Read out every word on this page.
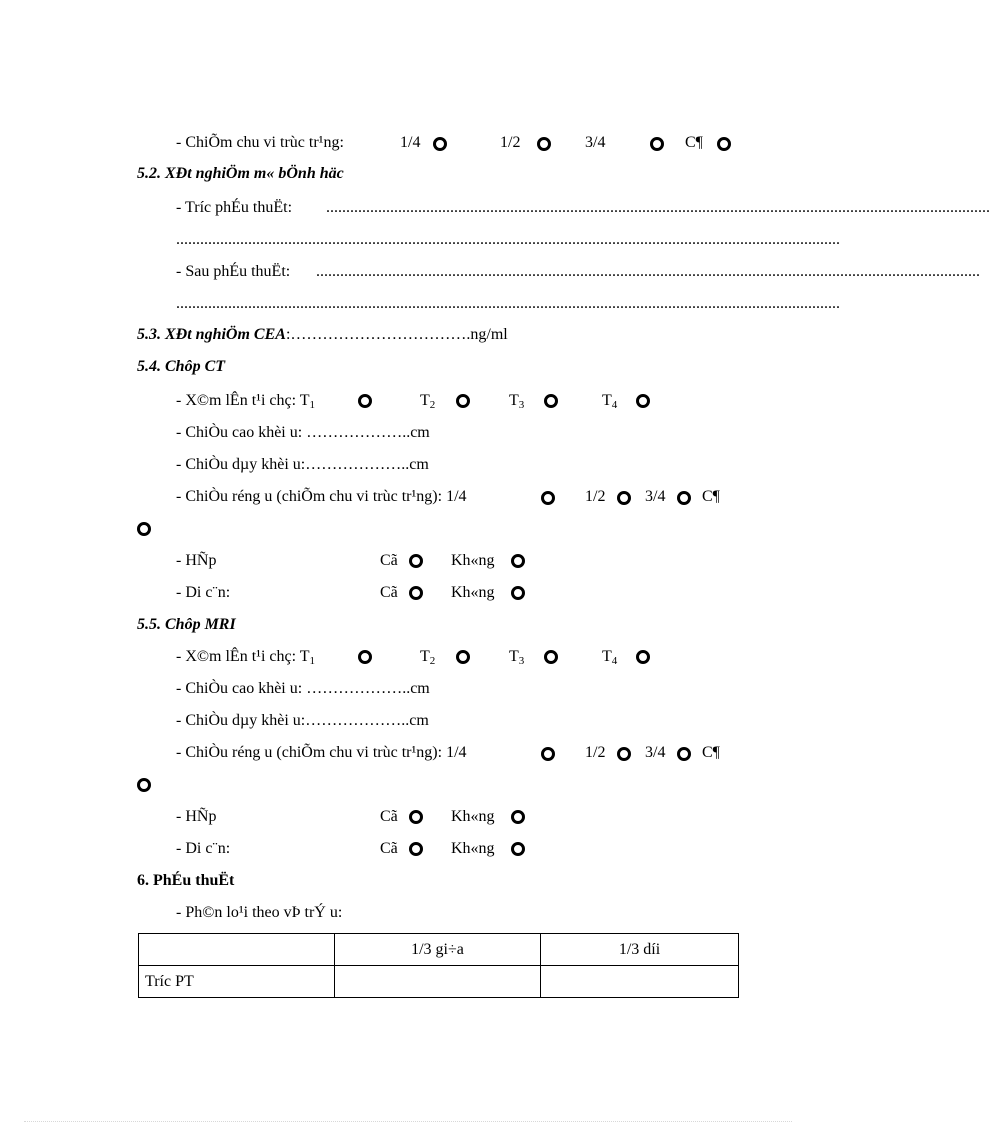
- ChiÕm chu vi trùc tr¹ng:	1/4	1/2	3/4	C¶
5.2. XÐt nghiÖm m« bÖnh häc
- Tríc phÉu thuËt: ......................................................................................................................................................................
......................................................................................................................................................................
- Sau phÉu thuËt: ......................................................................................................................................................................
......................................................................................................................................................................
5.3. XÐt nghiÖm CEA:…………………………….ng/ml
5.4. Chôp CT
- X©m lÊn t¹i chç: $T_1$	$T_2$	$T_3$	$T_4$
- ChiÒu cao khèi u: ………………..cm
- ChiÒu dµy khèi u:………………..cm
- ChiÒu réng u (chiÕm chu vi trùc tr¹ng): 1/4	1/2 3/4 C¶
- HÑp	Cã	Kh«ng
- Di c¨n:	Cã	Kh«ng
5.5. Chôp MRI
- X©m lÊn t¹i chç: $T_1$	$T_2$	$T_3$	$T_4$
- ChiÒu cao khèi u: ………………..cm
- ChiÒu dµy khèi u:………………..cm
- ChiÒu réng u (chiÕm chu vi trùc tr¹ng): 1/4	1/2 3/4 C¶
- HÑp	Cã	Kh«ng
- Di c¨n:	Cã	Kh«ng
6. PhÉu thuËt
- Ph©n lo¹i theo vÞ trÝ u:
	1/3 gi÷a	1/3 díi
Tríc PT		
